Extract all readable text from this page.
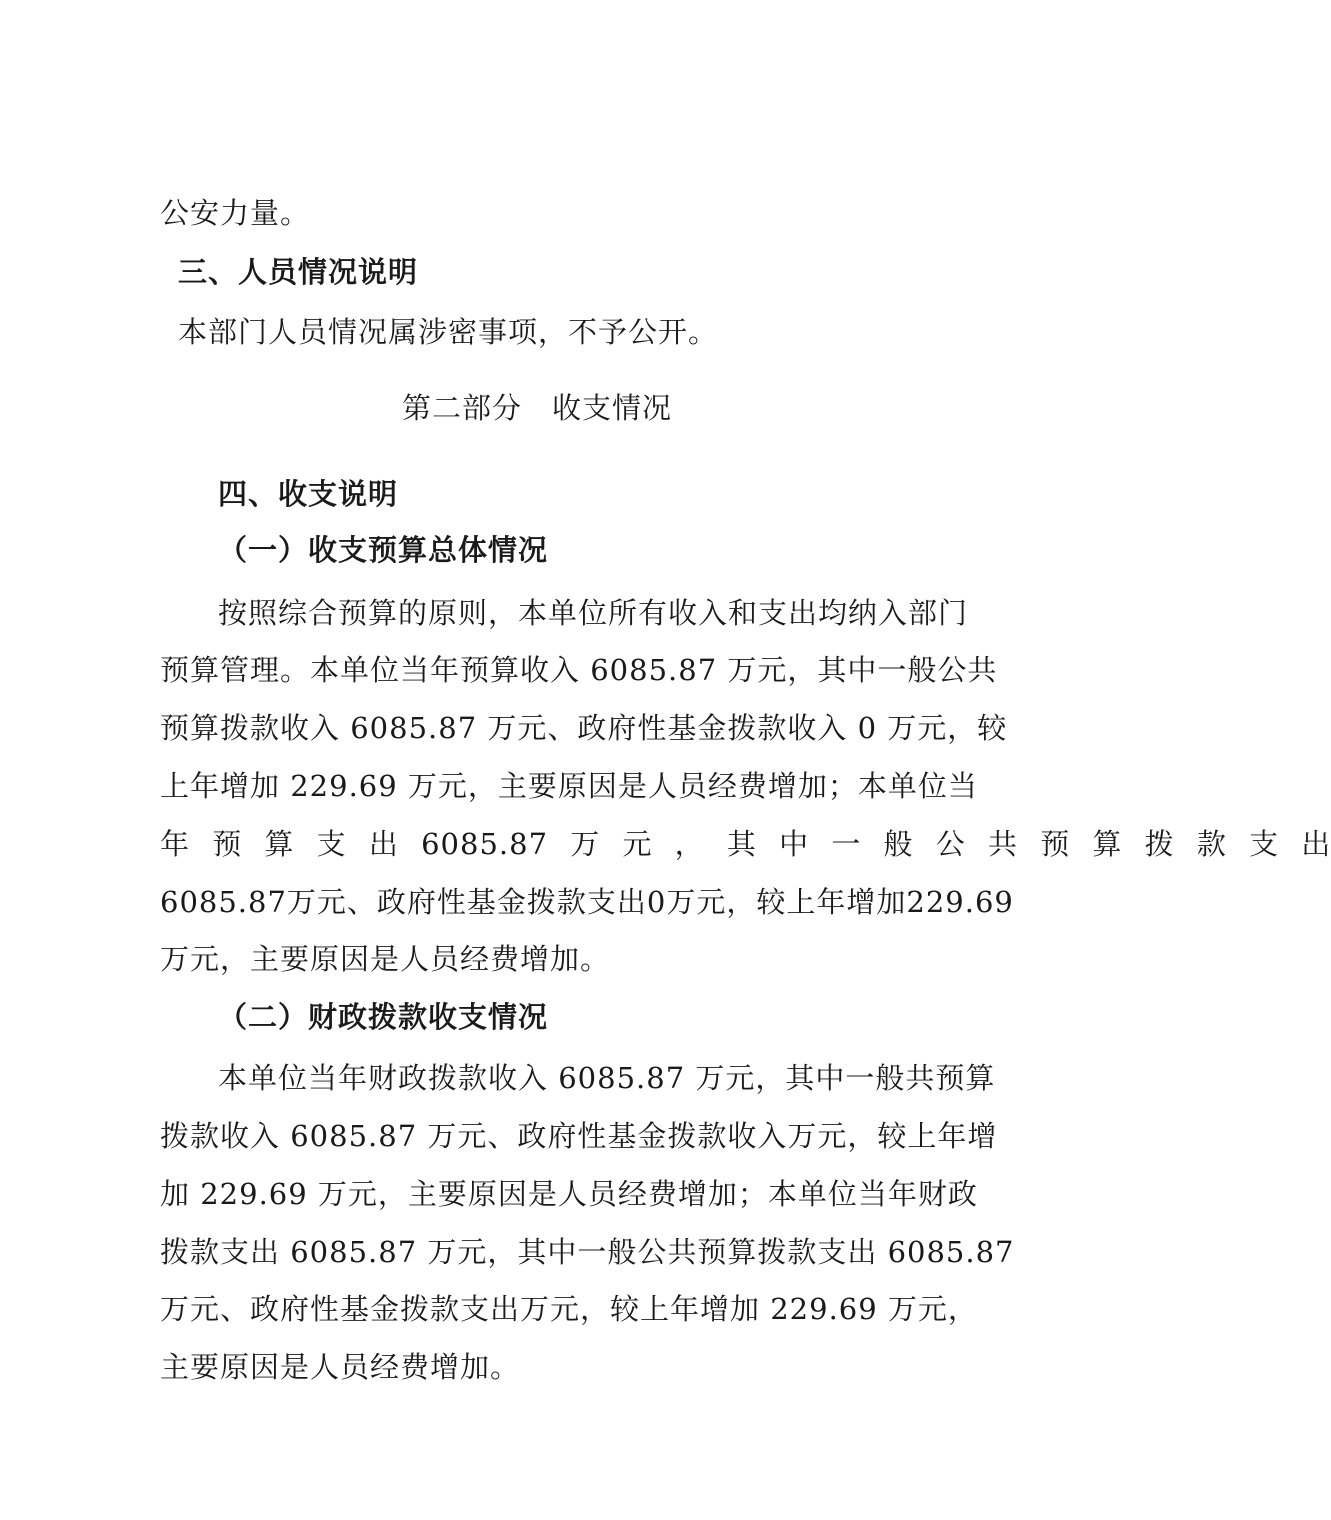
公安力量。
三、人员情况说明
本部门人员情况属涉密事项，不予公开。
第二部分　收支情况
四、收支说明
（一）收支预算总体情况
按照综合预算的原则，本单位所有收入和支出均纳入部门
预算管理。本单位当年预算收入 6085.87 万元，其中一般公共
预算拨款收入 6085.87 万元、政府性基金拨款收入 0 万元，较
上年增加 229.69 万元，主要原因是人员经费增加；本单位当
年 预 算 支 出 6085.87 万 元 ， 其 中 一 般 公 共 预 算 拨 款 支 出
6085.87万元、政府性基金拨款支出0万元，较上年增加229.69
万元，主要原因是人员经费增加。
（二）财政拨款收支情况
本单位当年财政拨款收入 6085.87 万元，其中一般共预算
拨款收入 6085.87 万元、政府性基金拨款收入万元，较上年增
加 229.69 万元，主要原因是人员经费增加；本单位当年财政
拨款支出 6085.87 万元，其中一般公共预算拨款支出 6085.87
万元、政府性基金拨款支出万元，较上年增加 229.69 万元，
主要原因是人员经费增加。
